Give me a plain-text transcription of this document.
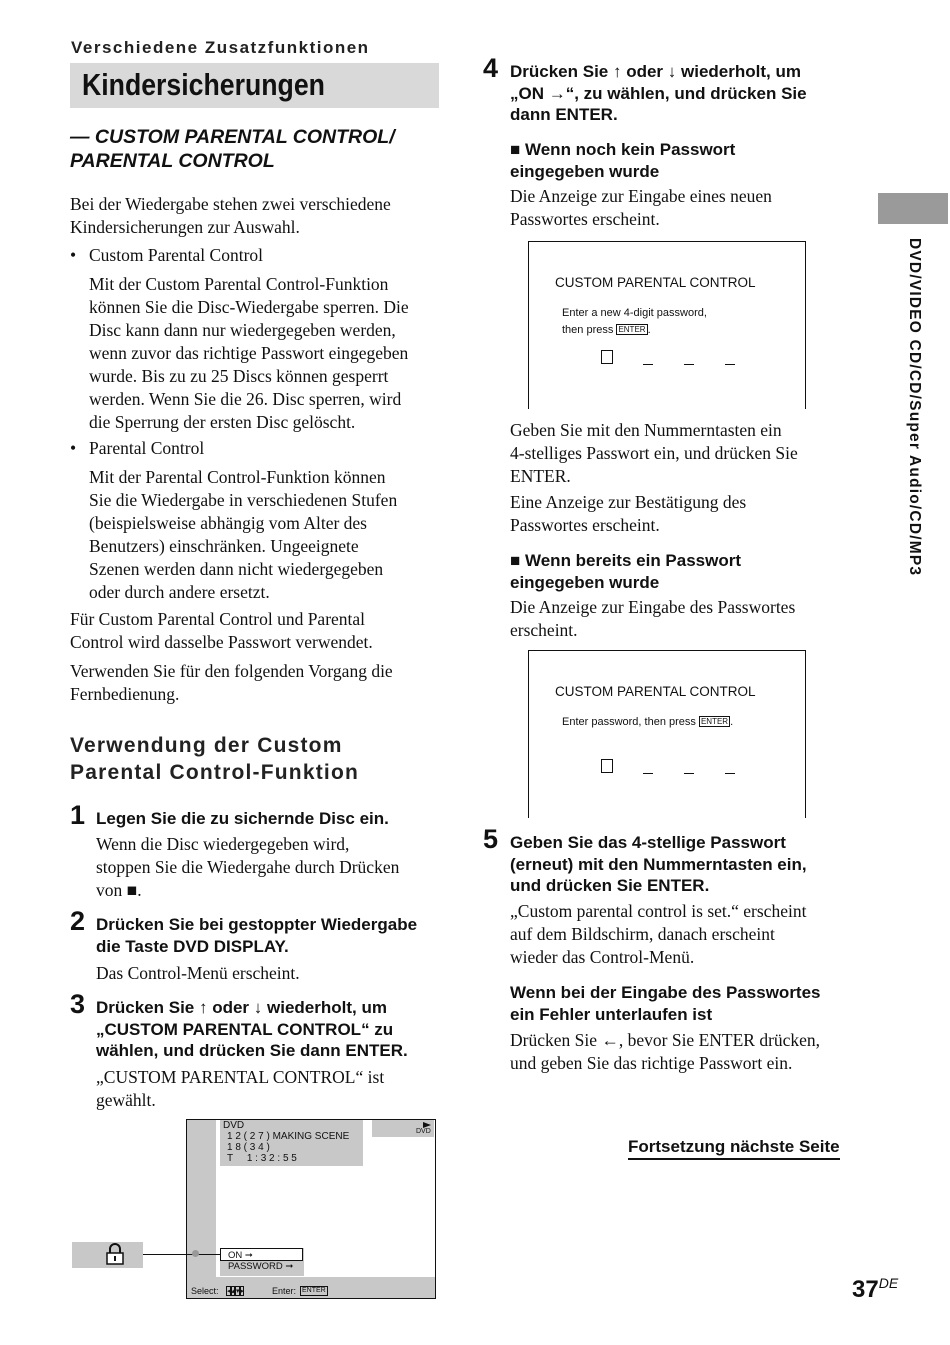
Verschiedene Zusatzfunktionen
Kindersicherungen
— CUSTOM PARENTAL CONTROL/
PARENTAL CONTROL
Bei der Wiedergabe stehen zwei verschiedene
Kindersicherungen zur Auswahl.
• Custom Parental Control
Mit der Custom Parental Control-Funktion
können Sie die Disc-Wiedergabe sperren. Die
Disc kann dann nur wiedergegeben werden,
wenn zuvor das richtige Passwort eingegeben
wurde. Bis zu zu 25 Discs können gesperrt
werden. Wenn Sie die 26. Disc sperren, wird
die Sperrung der ersten Disc gelöscht.
• Parental Control
Mit der Parental Control-Funktion können
Sie die Wiedergabe in verschiedenen Stufen
(beispielsweise abhängig vom Alter des
Benutzers) einschränken. Ungeeignete
Szenen werden dann nicht wiedergegeben
oder durch andere ersetzt.
Für Custom Parental Control und Parental
Control wird dasselbe Passwort verwendet.
Verwenden Sie für den folgenden Vorgang die
Fernbedienung.
Verwendung der Custom
Parental Control-Funktion
1 Legen Sie die zu sichernde Disc ein.
Wenn die Disc wiedergegeben wird,
stoppen Sie die Wiedergahe durch Drücken
von ■.
2 Drücken Sie bei gestoppter Wiedergabe
die Taste DVD DISPLAY.
Das Control-Menü erscheint.
3 Drücken Sie ↑ oder ↓ wiederholt, um
„CUSTOM PARENTAL CONTROL“ zu
wählen, und drücken Sie dann ENTER.
„CUSTOM PARENTAL CONTROL“ ist
gewählt.
DVD
1 2 ( 2 7 ) MAKING SCENE
1 8 ( 3 4 )
T     1 : 3 2 : 5 5
DVD
ON ➞
PASSWORD ➞
Select: ◂ ▴ ▾ ▸	Enter: ENTER
4 Drücken Sie ↑ oder ↓ wiederholt, um
„ON →“, zu wählen, und drücken Sie
dann ENTER.
■ Wenn noch kein Passwort
eingegeben wurde
Die Anzeige zur Eingabe eines neuen
Passwortes erscheint.
CUSTOM PARENTAL CONTROL
Enter a new 4-digit password,
then press ENTER .
Geben Sie mit den Nummerntasten ein
4-stelliges Passwort ein, und drücken Sie
ENTER.
Eine Anzeige zur Bestätigung des
Passwortes erscheint.
■ Wenn bereits ein Passwort
eingegeben wurde
Die Anzeige zur Eingabe des Passwortes
erscheint.
CUSTOM PARENTAL CONTROL
Enter password, then press ENTER .
5 Geben Sie das 4-stellige Passwort
(erneut) mit den Nummerntasten ein,
und drücken Sie ENTER.
„Custom parental control is set.“ erscheint
auf dem Bildschirm, danach erscheint
wieder das Control-Menü.
Wenn bei der Eingabe des Passwortes
ein Fehler unterlaufen ist
Drücken Sie ←, bevor Sie ENTER drücken,
und geben Sie das richtige Passwort ein.
Fortsetzung nächste Seite
DVD/VIDEO CD/CD/Super Audio/CD/MP3
37DE
